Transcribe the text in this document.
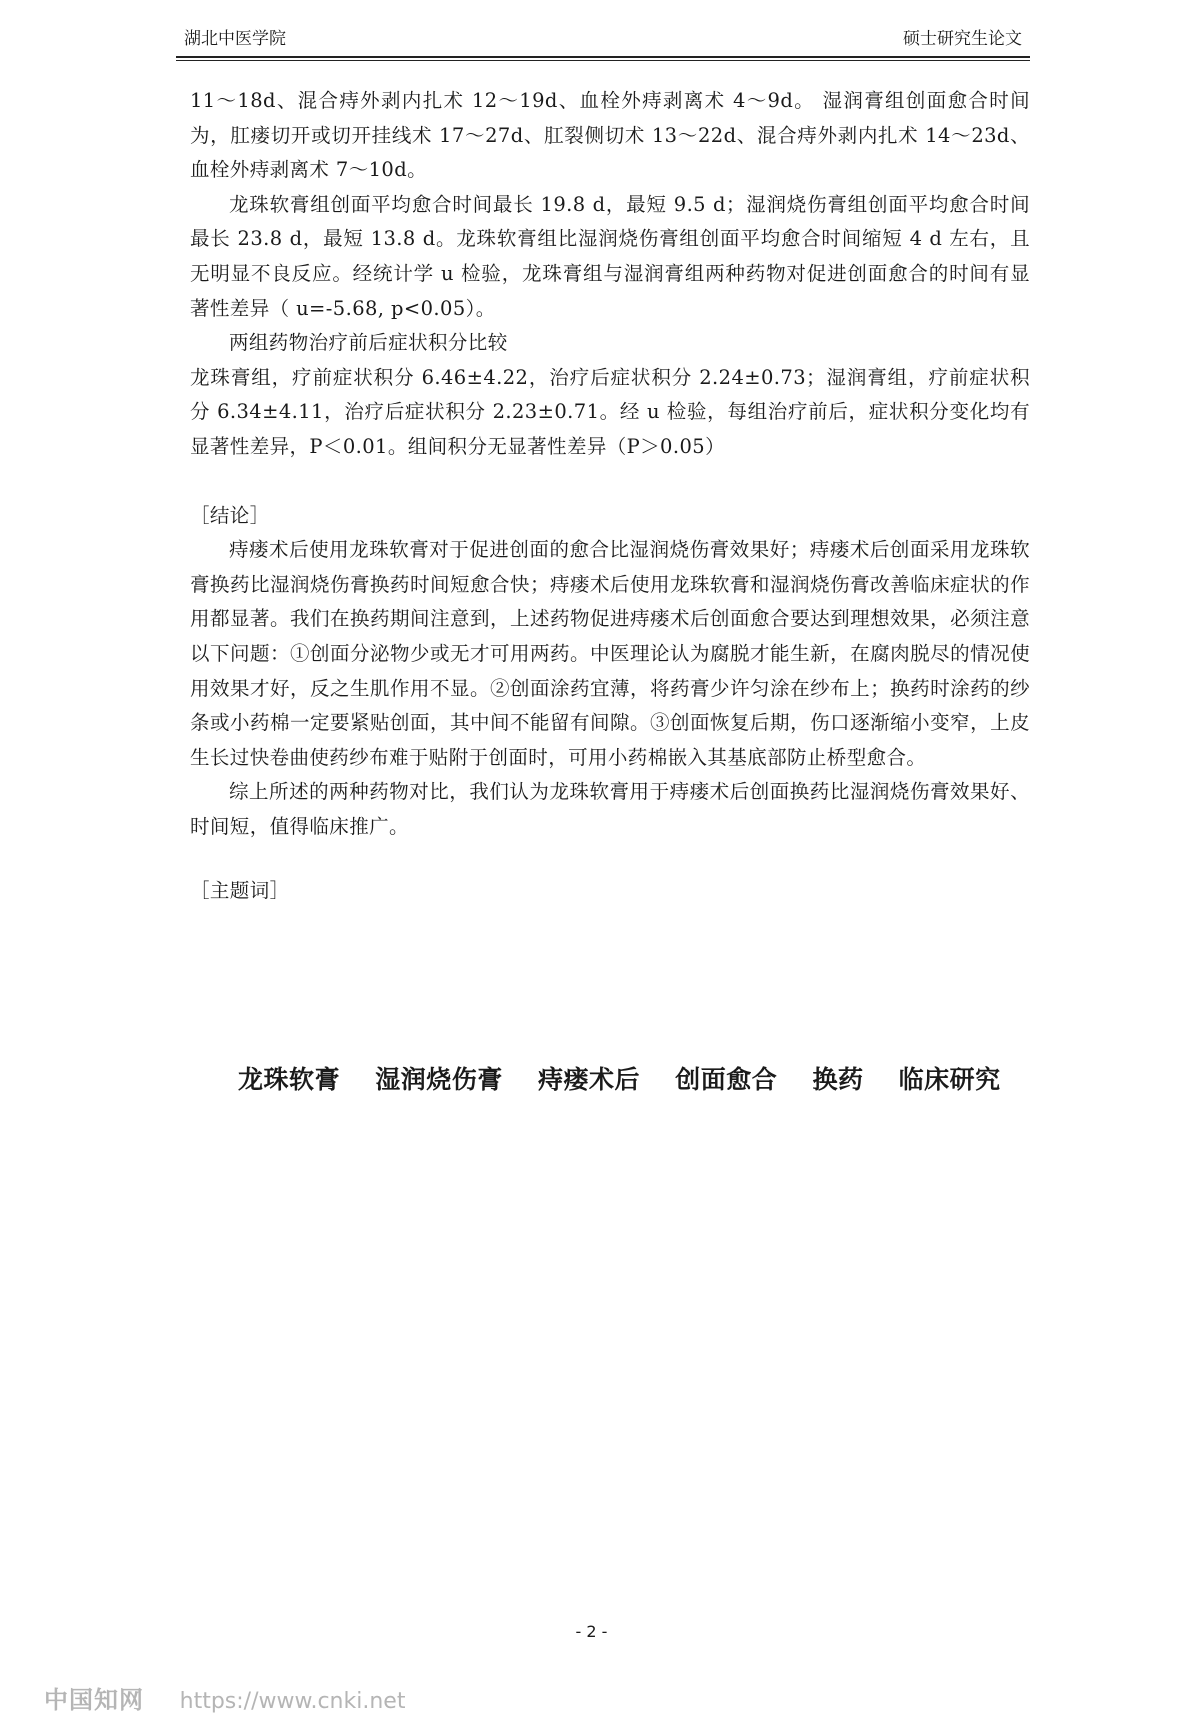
湖北中医学院	硕士研究生论文

11～18d、混合痔外剥内扎术 12～19d、血栓外痔剥离术 4～9d。 湿润膏组创面愈合时间为，肛瘘切开或切开挂线术 17～27d、肛裂侧切术 13～22d、混合痔外剥内扎术 14～23d、血栓外痔剥离术 7～10d。

龙珠软膏组创面平均愈合时间最长 19.8 d，最短 9.5 d；湿润烧伤膏组创面平均愈合时间最长 23.8 d，最短 13.8 d。龙珠软膏组比湿润烧伤膏组创面平均愈合时间缩短 4 d 左右，且无明显不良反应。经统计学 u 检验，龙珠膏组与湿润膏组两种药物对促进创面愈合的时间有显著性差异（ u=-5.68, p<0.05）。

两组药物治疗前后症状积分比较

龙珠膏组，疗前症状积分 6.46±4.22，治疗后症状积分 2.24±0.73；湿润膏组，疗前症状积分 6.34±4.11，治疗后症状积分 2.23±0.71。经 u 检验，每组治疗前后，症状积分变化均有显著性差异，P＜0.01。组间积分无显著性差异（P＞0.05）

［结论］

痔瘘术后使用龙珠软膏对于促进创面的愈合比湿润烧伤膏效果好；痔瘘术后创面采用龙珠软膏换药比湿润烧伤膏换药时间短愈合快；痔瘘术后使用龙珠软膏和湿润烧伤膏改善临床症状的作用都显著。我们在换药期间注意到，上述药物促进痔瘘术后创面愈合要达到理想效果，必须注意以下问题：①创面分泌物少或无才可用两药。中医理论认为腐脱才能生新，在腐肉脱尽的情况使用效果才好，反之生肌作用不显。②创面涂药宜薄，将药膏少许匀涂在纱布上；换药时涂药的纱条或小药棉一定要紧贴创面，其中间不能留有间隙。③创面恢复后期，伤口逐渐缩小变窄，上皮生长过快卷曲使药纱布难于贴附于创面时，可用小药棉嵌入其基底部防止桥型愈合。

综上所述的两种药物对比，我们认为龙珠软膏用于痔瘘术后创面换药比湿润烧伤膏效果好、时间短，值得临床推广。

［主题词］

龙珠软膏 湿润烧伤膏 痔瘘术后 创面愈合 换药 临床研究
- 2 -
中国知网 https://www.cnki.net
